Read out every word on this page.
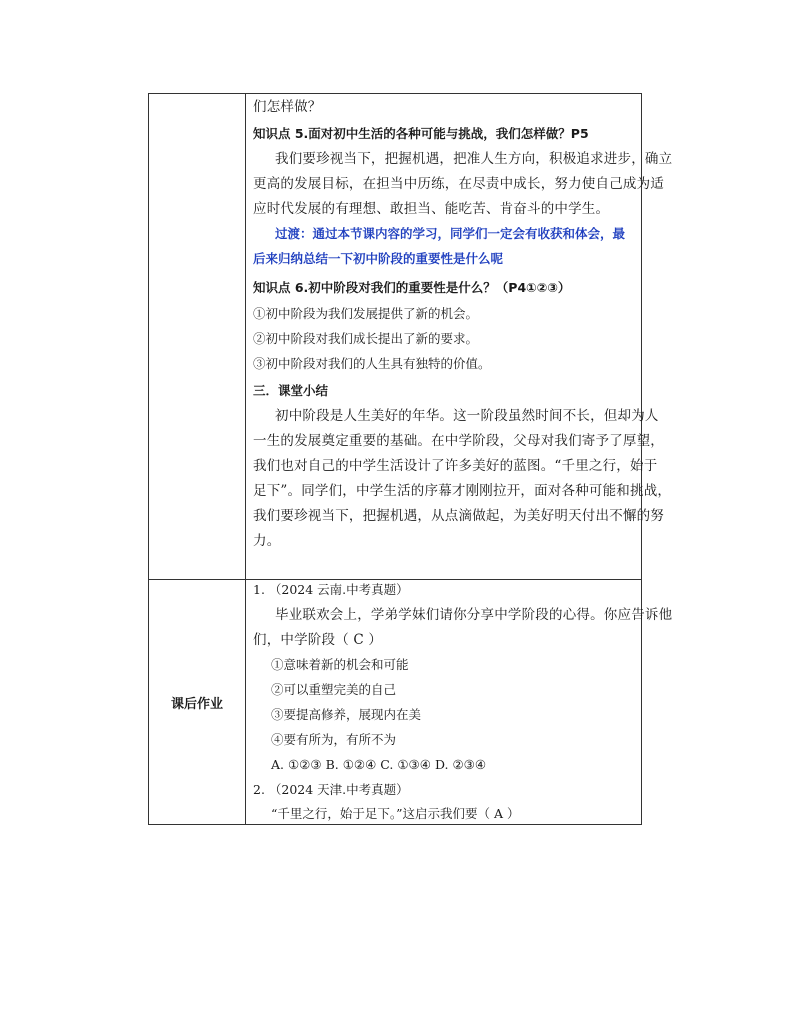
课后作业
们怎样做？
知识点 5.面对初中生活的各种可能与挑战，我们怎样做？P5
我们要珍视当下，把握机遇，把准人生方向，积极追求进步，确立
更高的发展目标，在担当中历练，在尽责中成长，努力使自己成为适
应时代发展的有理想、敢担当、能吃苦、肯奋斗的中学生。
过渡：通过本节课内容的学习，同学们一定会有收获和体会，最
后来归纳总结一下初中阶段的重要性是什么呢
知识点 6.初中阶段对我们的重要性是什么？（P4①②③）
①初中阶段为我们发展提供了新的机会。
②初中阶段对我们成长提出了新的要求。
③初中阶段对我们的人生具有独特的价值。
三．课堂小结
初中阶段是人生美好的年华。这一阶段虽然时间不长，但却为人
一生的发展奠定重要的基础。在中学阶段，父母对我们寄予了厚望，
我们也对自己的中学生活设计了许多美好的蓝图。“千里之行，始于
足下”。同学们，中学生活的序幕才刚刚拉开，面对各种可能和挑战，
我们要珍视当下，把握机遇，从点滴做起，为美好明天付出不懈的努
力。
1. （2024 云南.中考真题）
毕业联欢会上，学弟学妹们请你分享中学阶段的心得。你应告诉他
们，中学阶段（ C ）
①意味着新的机会和可能
②可以重塑完美的自己
③要提高修养，展现内在美
④要有所为，有所不为
A. ①②③ B. ①②④ C. ①③④ D. ②③④
2. （2024 天津.中考真题）
“千里之行，始于足下。”这启示我们要（ A ）
